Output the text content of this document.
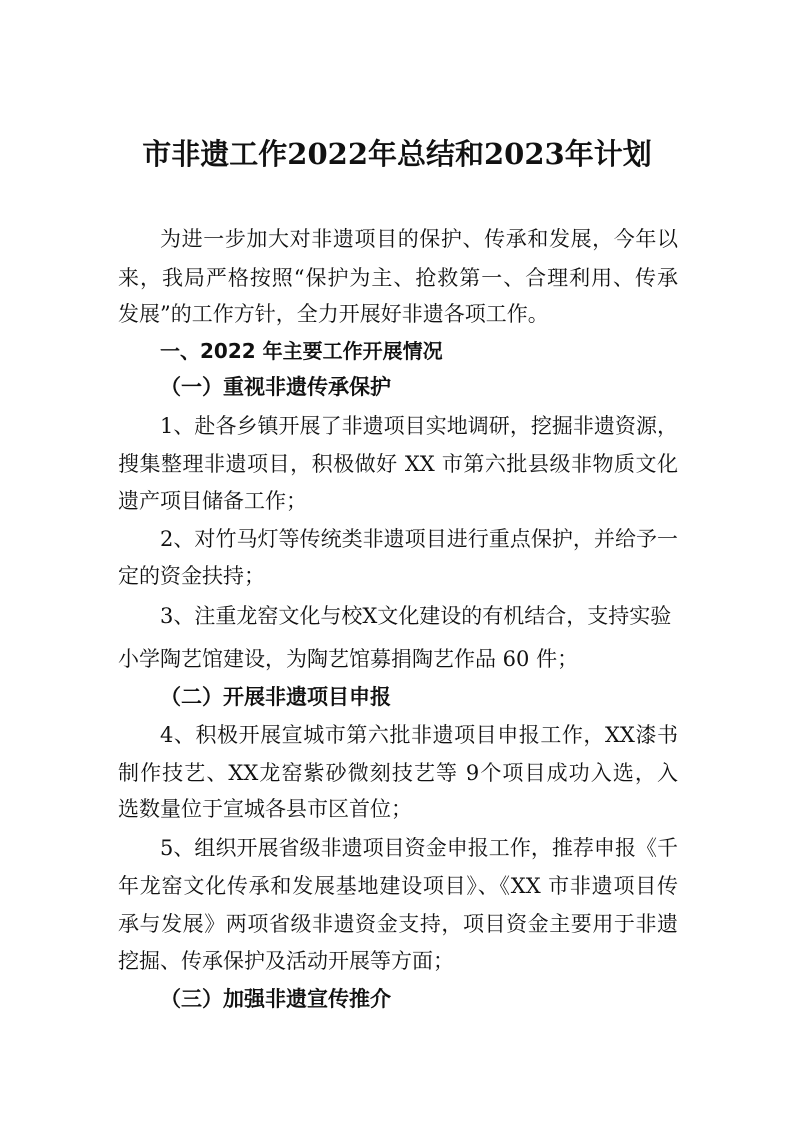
市非遗工作2022年总结和2023年计划
为进一步加大对非遗项目的保护、传承和发展，今年以
来，我局严格按照“保护为主、抢救第一、合理利用、传承
发展”的工作方针，全力开展好非遗各项工作。
一、2022 年主要工作开展情况
（一）重视非遗传承保护
1、赴各乡镇开展了非遗项目实地调研，挖掘非遗资源，
搜集整理非遗项目，积极做好 XX 市第六批县级非物质文化
遗产项目储备工作；
2、对竹马灯等传统类非遗项目进行重点保护，并给予一
定的资金扶持；
3、注重龙窑文化与校X文化建设的有机结合，支持实验
小学陶艺馆建设，为陶艺馆募捐陶艺作品 60 件；
（二）开展非遗项目申报
4、积极开展宣城市第六批非遗项目申报工作，XX漆书
制作技艺、XX龙窑紫砂微刻技艺等 9个项目成功入选，入
选数量位于宣城各县市区首位；
5、组织开展省级非遗项目资金申报工作，推荐申报《千
年龙窑文化传承和发展基地建设项目》、《XX 市非遗项目传
承与发展》两项省级非遗资金支持，项目资金主要用于非遗
挖掘、传承保护及活动开展等方面；
（三）加强非遗宣传推介
